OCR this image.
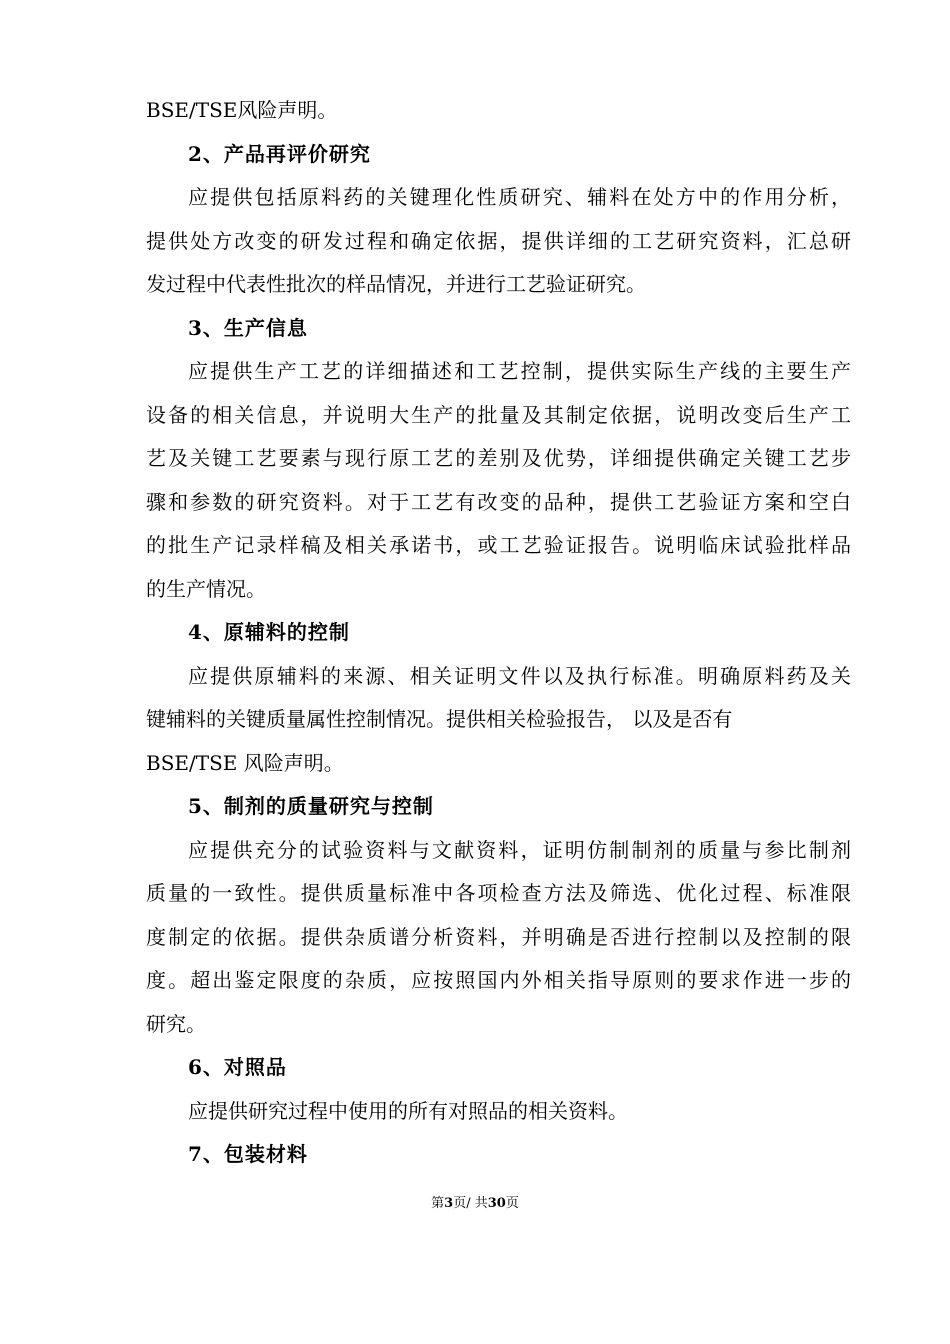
BSE/TSE风险声明。
2、产品再评价研究
应提供包括原料药的关键理化性质研究、辅料在处方中的作用分析，
提供处方改变的研发过程和确定依据，提供详细的工艺研究资料，汇总研
发过程中代表性批次的样品情况，并进行工艺验证研究。
3、生产信息
应提供生产工艺的详细描述和工艺控制，提供实际生产线的主要生产
设备的相关信息，并说明大生产的批量及其制定依据，说明改变后生产工
艺及关键工艺要素与现行原工艺的差别及优势，详细提供确定关键工艺步
骤和参数的研究资料。对于工艺有改变的品种，提供工艺验证方案和空白
的批生产记录样稿及相关承诺书，或工艺验证报告。说明临床试验批样品
的生产情况。
4、原辅料的控制
应提供原辅料的来源、相关证明文件以及执行标准。明确原料药及关
键辅料的关键质量属性控制情况。提供相关检验报告， 以及是否有
BSE/TSE 风险声明。
5、制剂的质量研究与控制
应提供充分的试验资料与文献资料，证明仿制制剂的质量与参比制剂
质量的一致性。提供质量标准中各项检查方法及筛选、优化过程、标准限
度制定的依据。提供杂质谱分析资料，并明确是否进行控制以及控制的限
度。超出鉴定限度的杂质，应按照国内外相关指导原则的要求作进一步的
研究。
6、对照品
应提供研究过程中使用的所有对照品的相关资料。
7、包装材料
第3页/ 共30页
